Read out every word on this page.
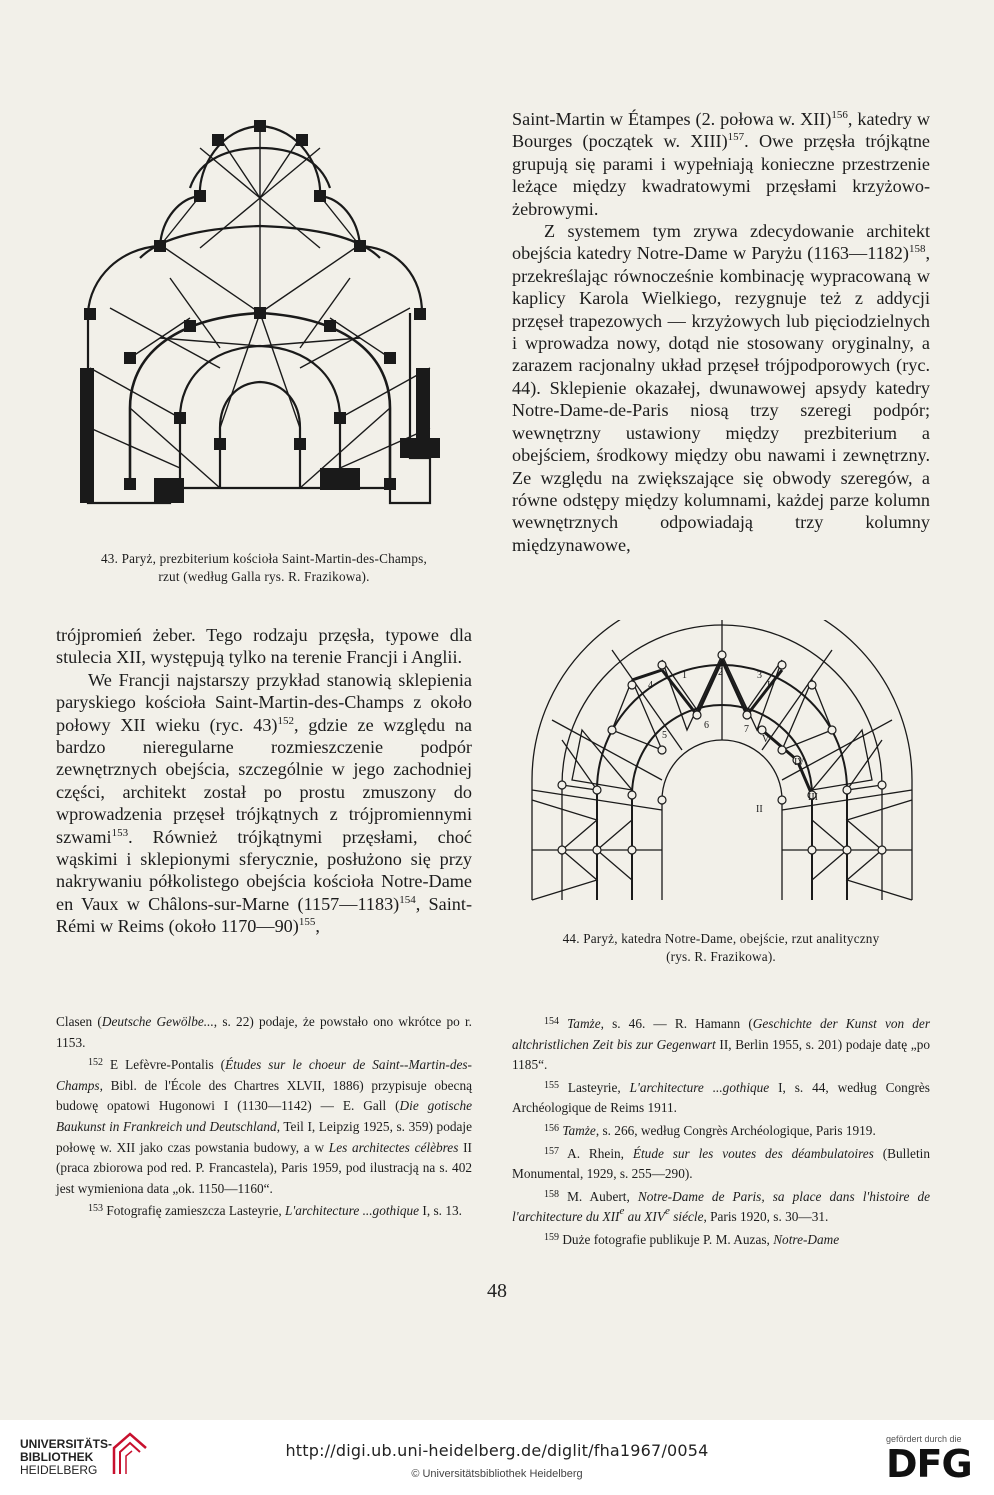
43. Paryż, prezbiterium kościoła Saint-Martin-des-Champs,
rzut (według Galla rys. R. Frazikowa).

trójpromień żeber. Tego rodzaju przęsła, typowe dla stulecia XII, występują tylko na terenie Francji i Anglii.

We Francji najstarszy przykład stanowią sklepienia paryskiego kościoła Saint-Martin-des-Champs z około połowy XII wieku (ryc. 43)$^{152}$, gdzie ze względu na bardzo nieregularne rozmieszczenie podpór zewnętrznych obejścia, szczególnie w jego zachodniej części, architekt został po prostu zmuszony do wprowadzenia przęseł trójkątnych z trójpromiennymi szwami$^{153}$. Również trójkątnymi przęsłami, choć wąskimi i sklepionymi sferycznie, posłużono się przy nakrywaniu półkolistego obejścia kościoła Notre-Dame en Vaux w Châlons-sur-Marne (1157—1183)$^{154}$, Saint-Rémi w Reims (około 1170—90)$^{155}$,

Clasen (Deutsche Gewölbe..., s. 22) podaje, że powstało ono wkrótce po r. 1153.

$^{152}$ E Lefèvre-Pontalis (Études sur le choeur de Saint--Martin-des-Champs, Bibl. de l'École des Chartres XLVII, 1886) przypisuje obecną budowę opatowi Hugonowi I (1130—1142) — E. Gall (Die gotische Baukunst in Frankreich und Deutschland, Teil I, Leipzig 1925, s. 359) podaje połowę w. XII jako czas powstania budowy, a w Les architectes célèbres II (praca zbiorowa pod red. P. Francastela), Paris 1959, pod ilustracją na s. 402 jest wymieniona data „ok. 1150—1160“.

$^{153}$ Fotografię zamieszcza Lasteyrie, L'architecture ...gothique I, s. 13.

Saint-Martin w Étampes (2. połowa w. XII)$^{156}$, katedry w Bourges (początek w. XIII)$^{157}$. Owe przęsła trójkątne grupują się parami i wypełniają konieczne przestrzenie leżące między kwadratowymi przęsłami krzyżowo-żebrowymi.

Z systemem tym zrywa zdecydowanie architekt obejścia katedry Notre-Dame w Paryżu (1163—1182)$^{158}$, przekreślając równocześnie kombinację wypracowaną w kaplicy Karola Wielkiego, rezygnuje też z addycji przęseł trapezowych — krzyżowych lub pięciodzielnych i wprowadza nowy, dotąd nie stosowany oryginalny, a zarazem racjonalny układ przęseł trójpodporowych (ryc. 44). Sklepienie okazałej, dwunawowej apsydy katedry Notre-Dame-de-Paris niosą trzy szeregi podpór; wewnętrzny ustawiony między prezbiterium a obejściem, środkowy między obu nawami i zewnętrzny. Ze względu na zwiększające się obwody szeregów, a równe odstępy między kolumnami, każdej parze kolumn wewnętrznych odpowiadają trzy kolumny międzynawowe,

1	2	3
4
5
6	7
I
II
III
IV
V
44. Paryż, katedra Notre-Dame, obejście, rzut analityczny
(rys. R. Frazikowa).

$^{154}$ Tamże, s. 46. — R. Hamann (Geschichte der Kunst von der altchristlichen Zeit bis zur Gegenwart II, Berlin 1955, s. 201) podaje datę „po 1185“.

$^{155}$ Lasteyrie, L'architecture ...gothique I, s. 44, według Congrès Archéologique de Reims 1911.

$^{156}$ Tamże, s. 266, według Congrès Archéologique, Paris 1919.

$^{157}$ A. Rhein, Étude sur les voutes des déambulatoires (Bulletin Monumental, 1929, s. 255—290).

$^{158}$ M. Aubert, Notre-Dame de Paris, sa place dans l'histoire de l'architecture du XIIe au XIVe siécle, Paris 1920, s. 30—31.

$^{159}$ Duże fotografie publikuje P. M. Auzas, Notre-Dame

48
UNIVERSITÄTS-
BIBLIOTHEK
HEIDELBERG
http://digi.ub.uni-heidelberg.de/diglit/fha1967/0054
© Universitätsbibliothek Heidelberg
gefördert durch die
DFG
